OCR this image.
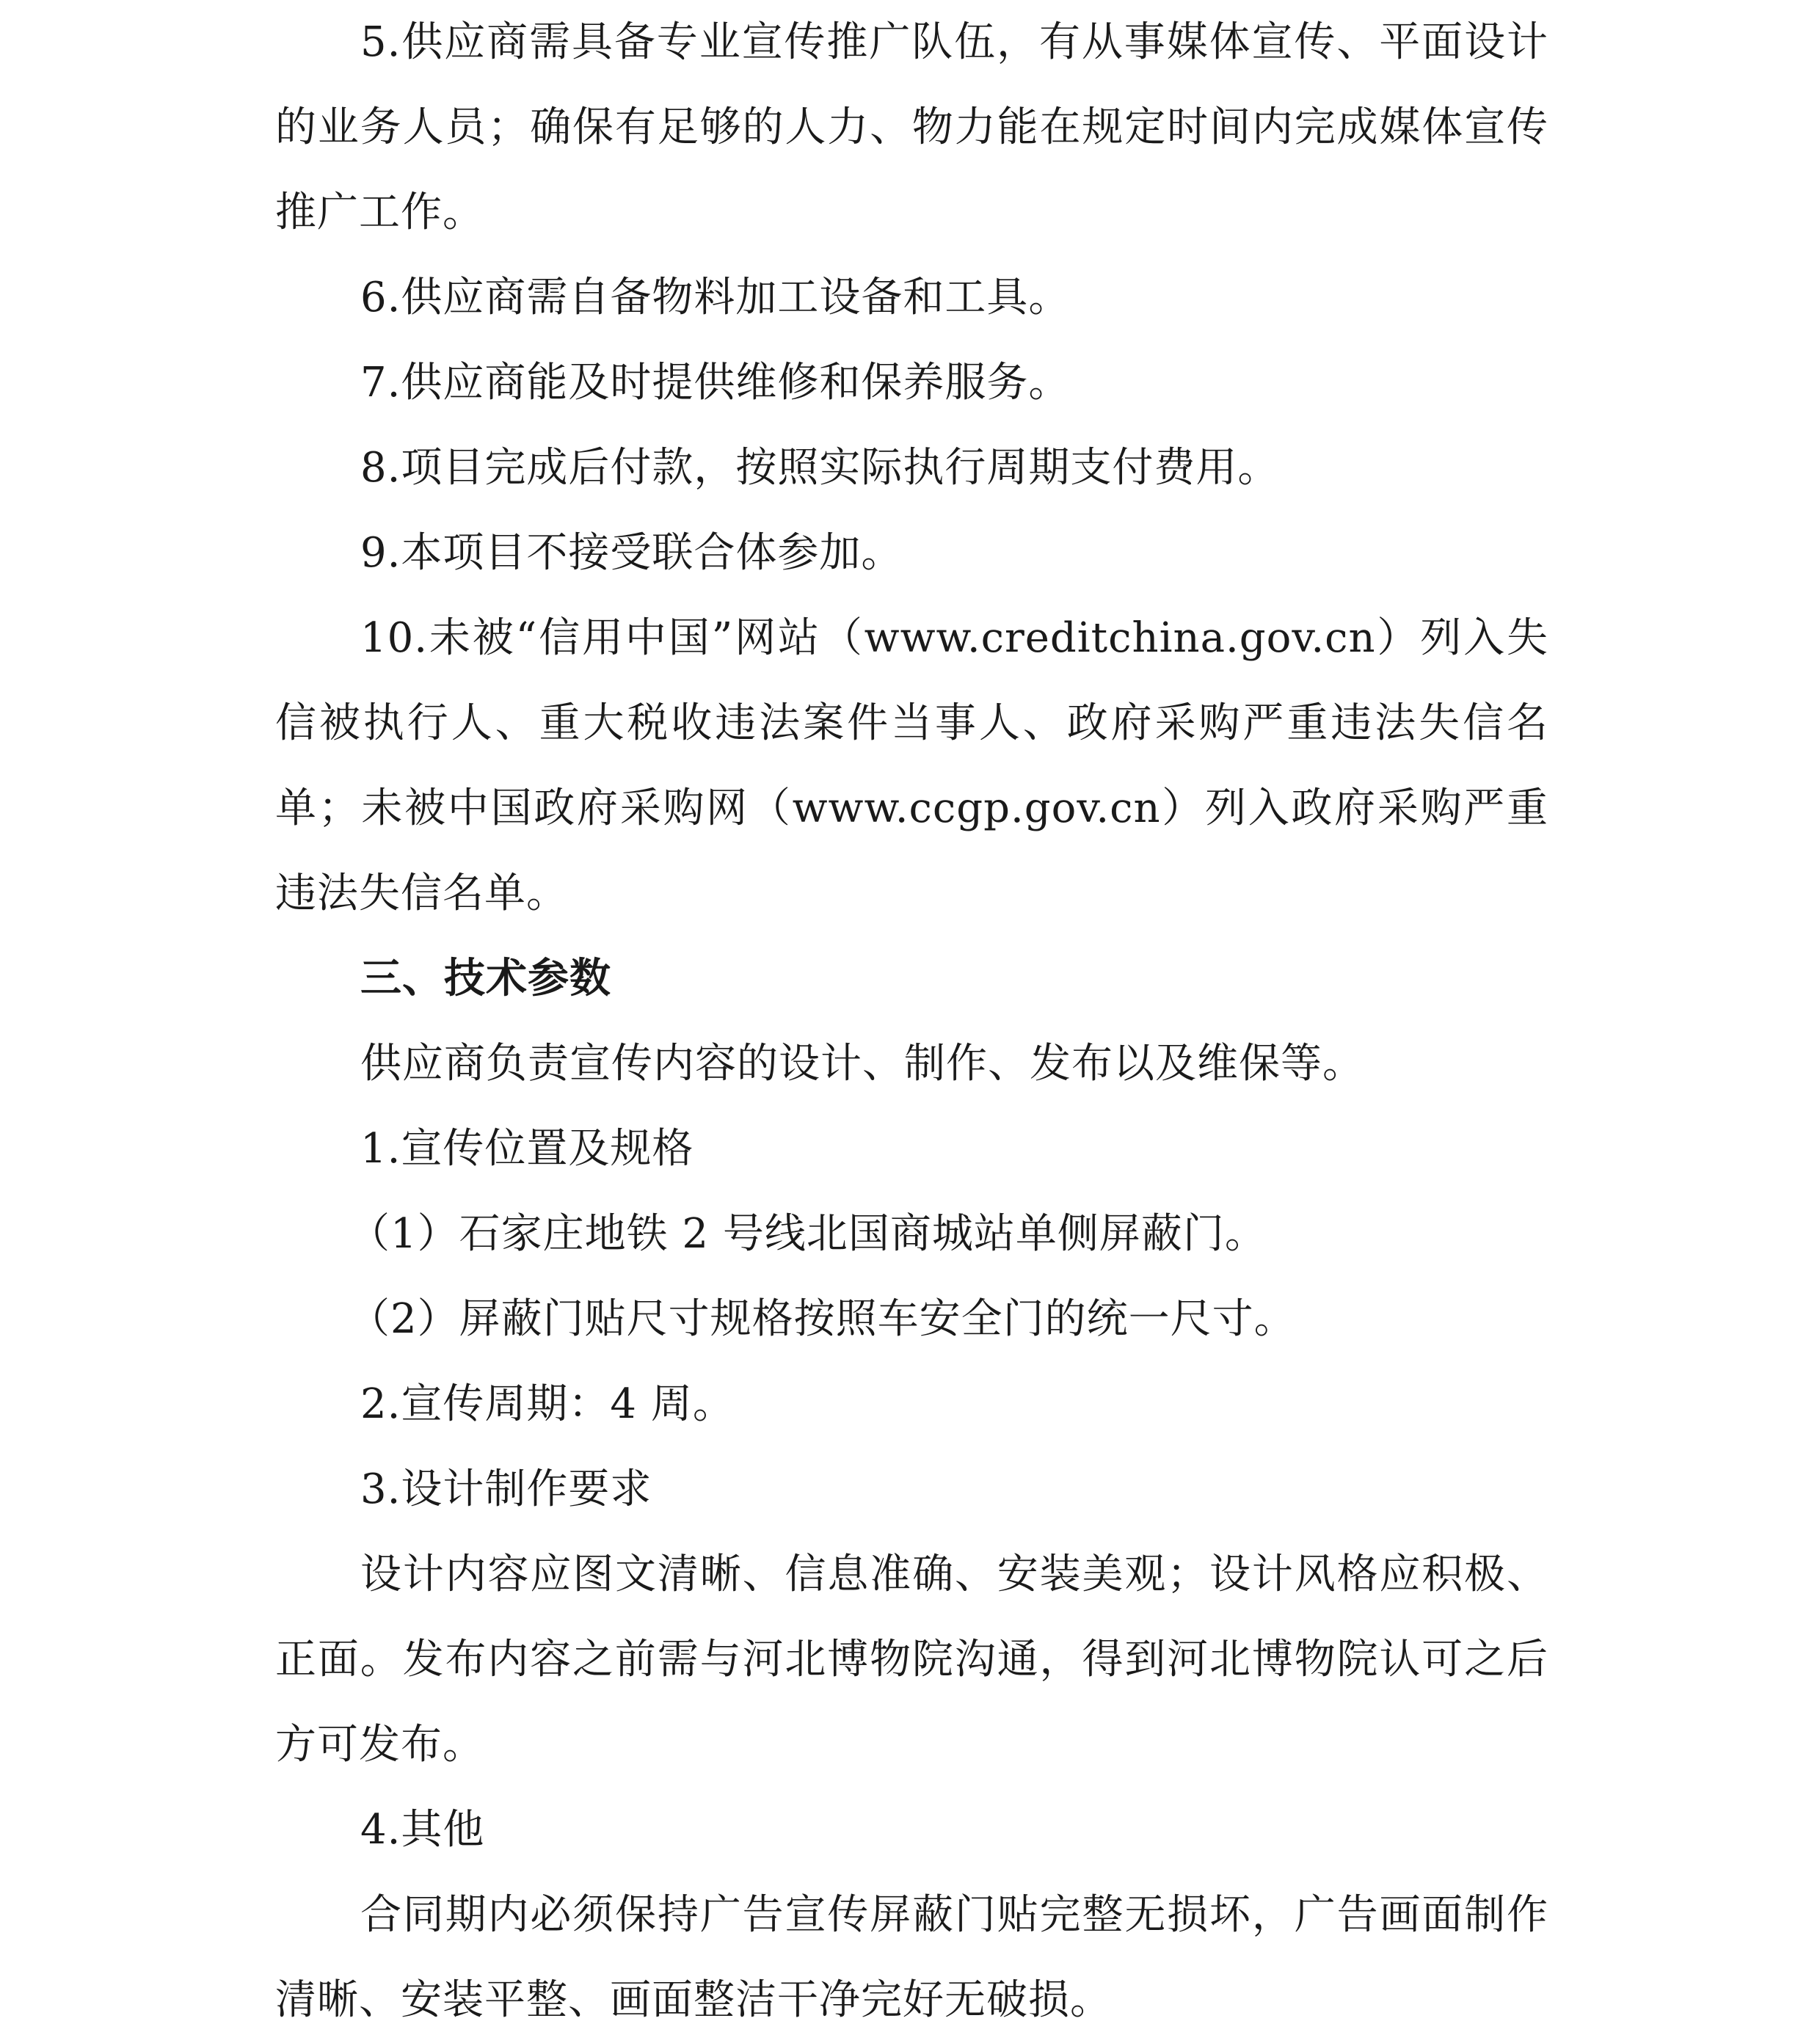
5.供应商需具备专业宣传推广队伍，有从事媒体宣传、平面设计的业务人员；确保有足够的人力、物力能在规定时间内完成媒体宣传推广工作。

6.供应商需自备物料加工设备和工具。

7.供应商能及时提供维修和保养服务。

8.项目完成后付款，按照实际执行周期支付费用。

9.本项目不接受联合体参加。

10.未被“信用中国”网站（www.creditchina.gov.cn）列入失信被执行人、重大税收违法案件当事人、政府采购严重违法失信名单；未被中国政府采购网（www.ccgp.gov.cn）列入政府采购严重违法失信名单。

三、技术参数

供应商负责宣传内容的设计、制作、发布以及维保等。

1.宣传位置及规格

（1）石家庄地铁 2 号线北国商城站单侧屏蔽门。

（2）屏蔽门贴尺寸规格按照车安全门的统一尺寸。

2.宣传周期：4 周。

3.设计制作要求

设计内容应图文清晰、信息准确、安装美观；设计风格应积极、正面。发布内容之前需与河北博物院沟通，得到河北博物院认可之后方可发布。

4.其他

合同期内必须保持广告宣传屏蔽门贴完整无损坏，广告画面制作清晰、安装平整、画面整洁干净完好无破损。
